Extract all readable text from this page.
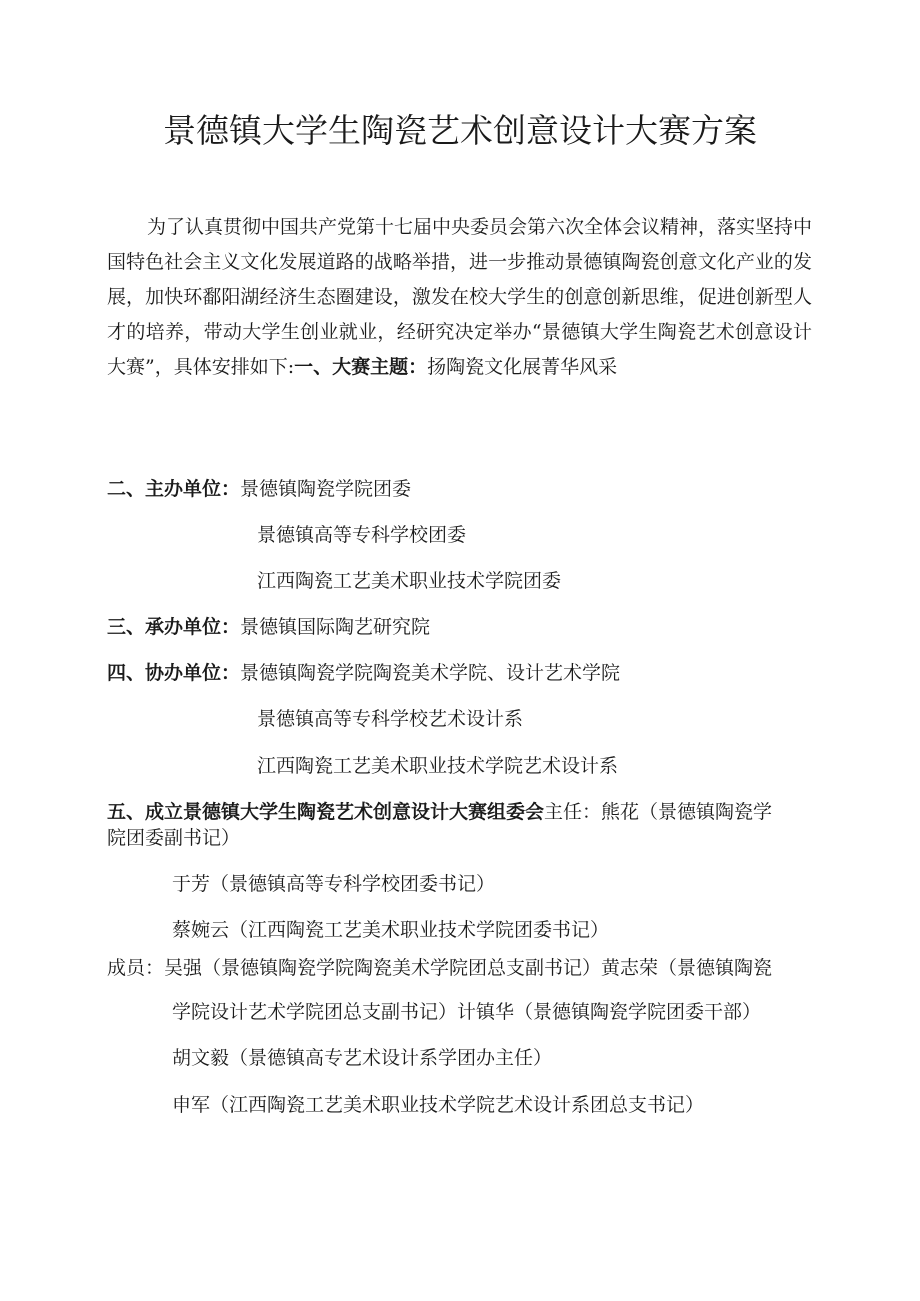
景德镇大学生陶瓷艺术创意设计大赛方案
为了认真贯彻中国共产党第十七届中央委员会第六次全体会议精神，落实坚持中国特色社会主义文化发展道路的战略举措，进一步推动景德镇陶瓷创意文化产业的发展，加快环鄱阳湖经济生态圈建设，激发在校大学生的创意创新思维，促进创新型人才的培养，带动大学生创业就业，经研究决定举办“景德镇大学生陶瓷艺术创意设计大赛”，具体安排如下:一、大赛主题：扬陶瓷文化展菁华风采
二、主办单位：景德镇陶瓷学院团委
景德镇高等专科学校团委
江西陶瓷工艺美术职业技术学院团委
三、承办单位：景德镇国际陶艺研究院
四、协办单位：景德镇陶瓷学院陶瓷美术学院、设计艺术学院
景德镇高等专科学校艺术设计系
江西陶瓷工艺美术职业技术学院艺术设计系
五、成立景德镇大学生陶瓷艺术创意设计大赛组委会主任：熊花（景德镇陶瓷学
院团委副书记）
于芳（景德镇高等专科学校团委书记）
蔡婉云（江西陶瓷工艺美术职业技术学院团委书记）
成员：吴强（景德镇陶瓷学院陶瓷美术学院团总支副书记）黄志荣（景德镇陶瓷
学院设计艺术学院团总支副书记）计镇华（景德镇陶瓷学院团委干部）
胡文毅（景德镇高专艺术设计系学团办主任）
申军（江西陶瓷工艺美术职业技术学院艺术设计系团总支书记）
